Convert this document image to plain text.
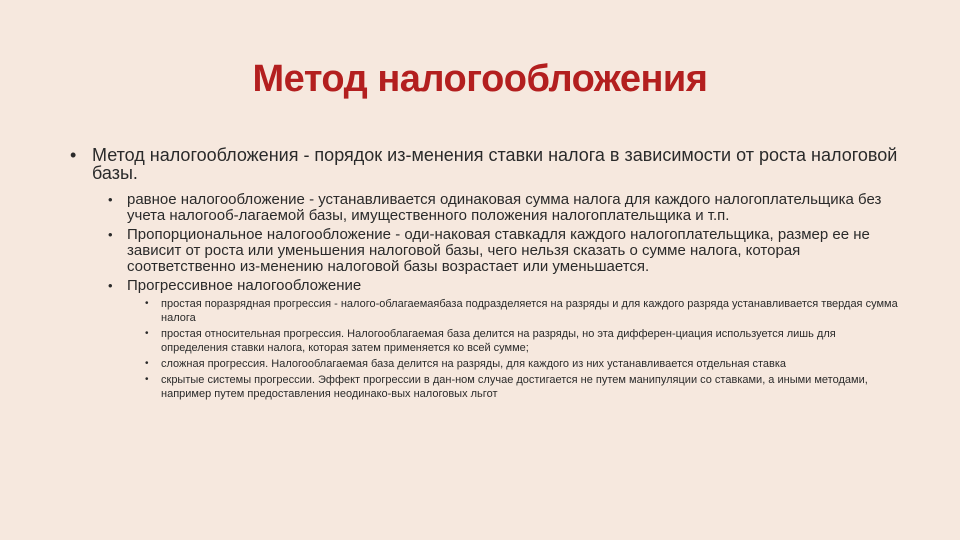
Метод налогообложения
• Метод налогообложения - порядок из-менения ставки налога в зависимости от роста налоговой базы.
• равное налогообложение - устанавливается одинаковая сумма налога для каждого налогоплательщика без учета налогооб-лагаемой базы, имущественного положения налогоплательщика и т.п.
• Пропорциональное налогообложение - оди-наковая ставкадля каждого налогоплательщика, размер ее не зависит от роста или уменьшения налоговой базы, чего нельзя сказать о сумме налога, которая соответственно из-менению налоговой базы возрастает или уменьшается.
• Прогрессивное налогообложение
• простая поразрядная прогрессия - налого-облагаемаябаза подразделяется на разряды и для каждого разряда устанавливается твердая сумма налога
• простая относительная прогрессия. Налогооблагаемая база делится на разряды, но эта дифферен-циация используется лишь для определения ставки налога, которая затем применяется ко всей сумме;
• сложная прогрессия. Налогооблагаемая база делится на разряды, для каждого из них устанавливается отдельная ставка
• скрытые системы прогрессии. Эффект прогрессии в дан-ном случае достигается не путем манипуляции со ставками, а иными методами, например путем предоставления неодинако-вых налоговых льгот
